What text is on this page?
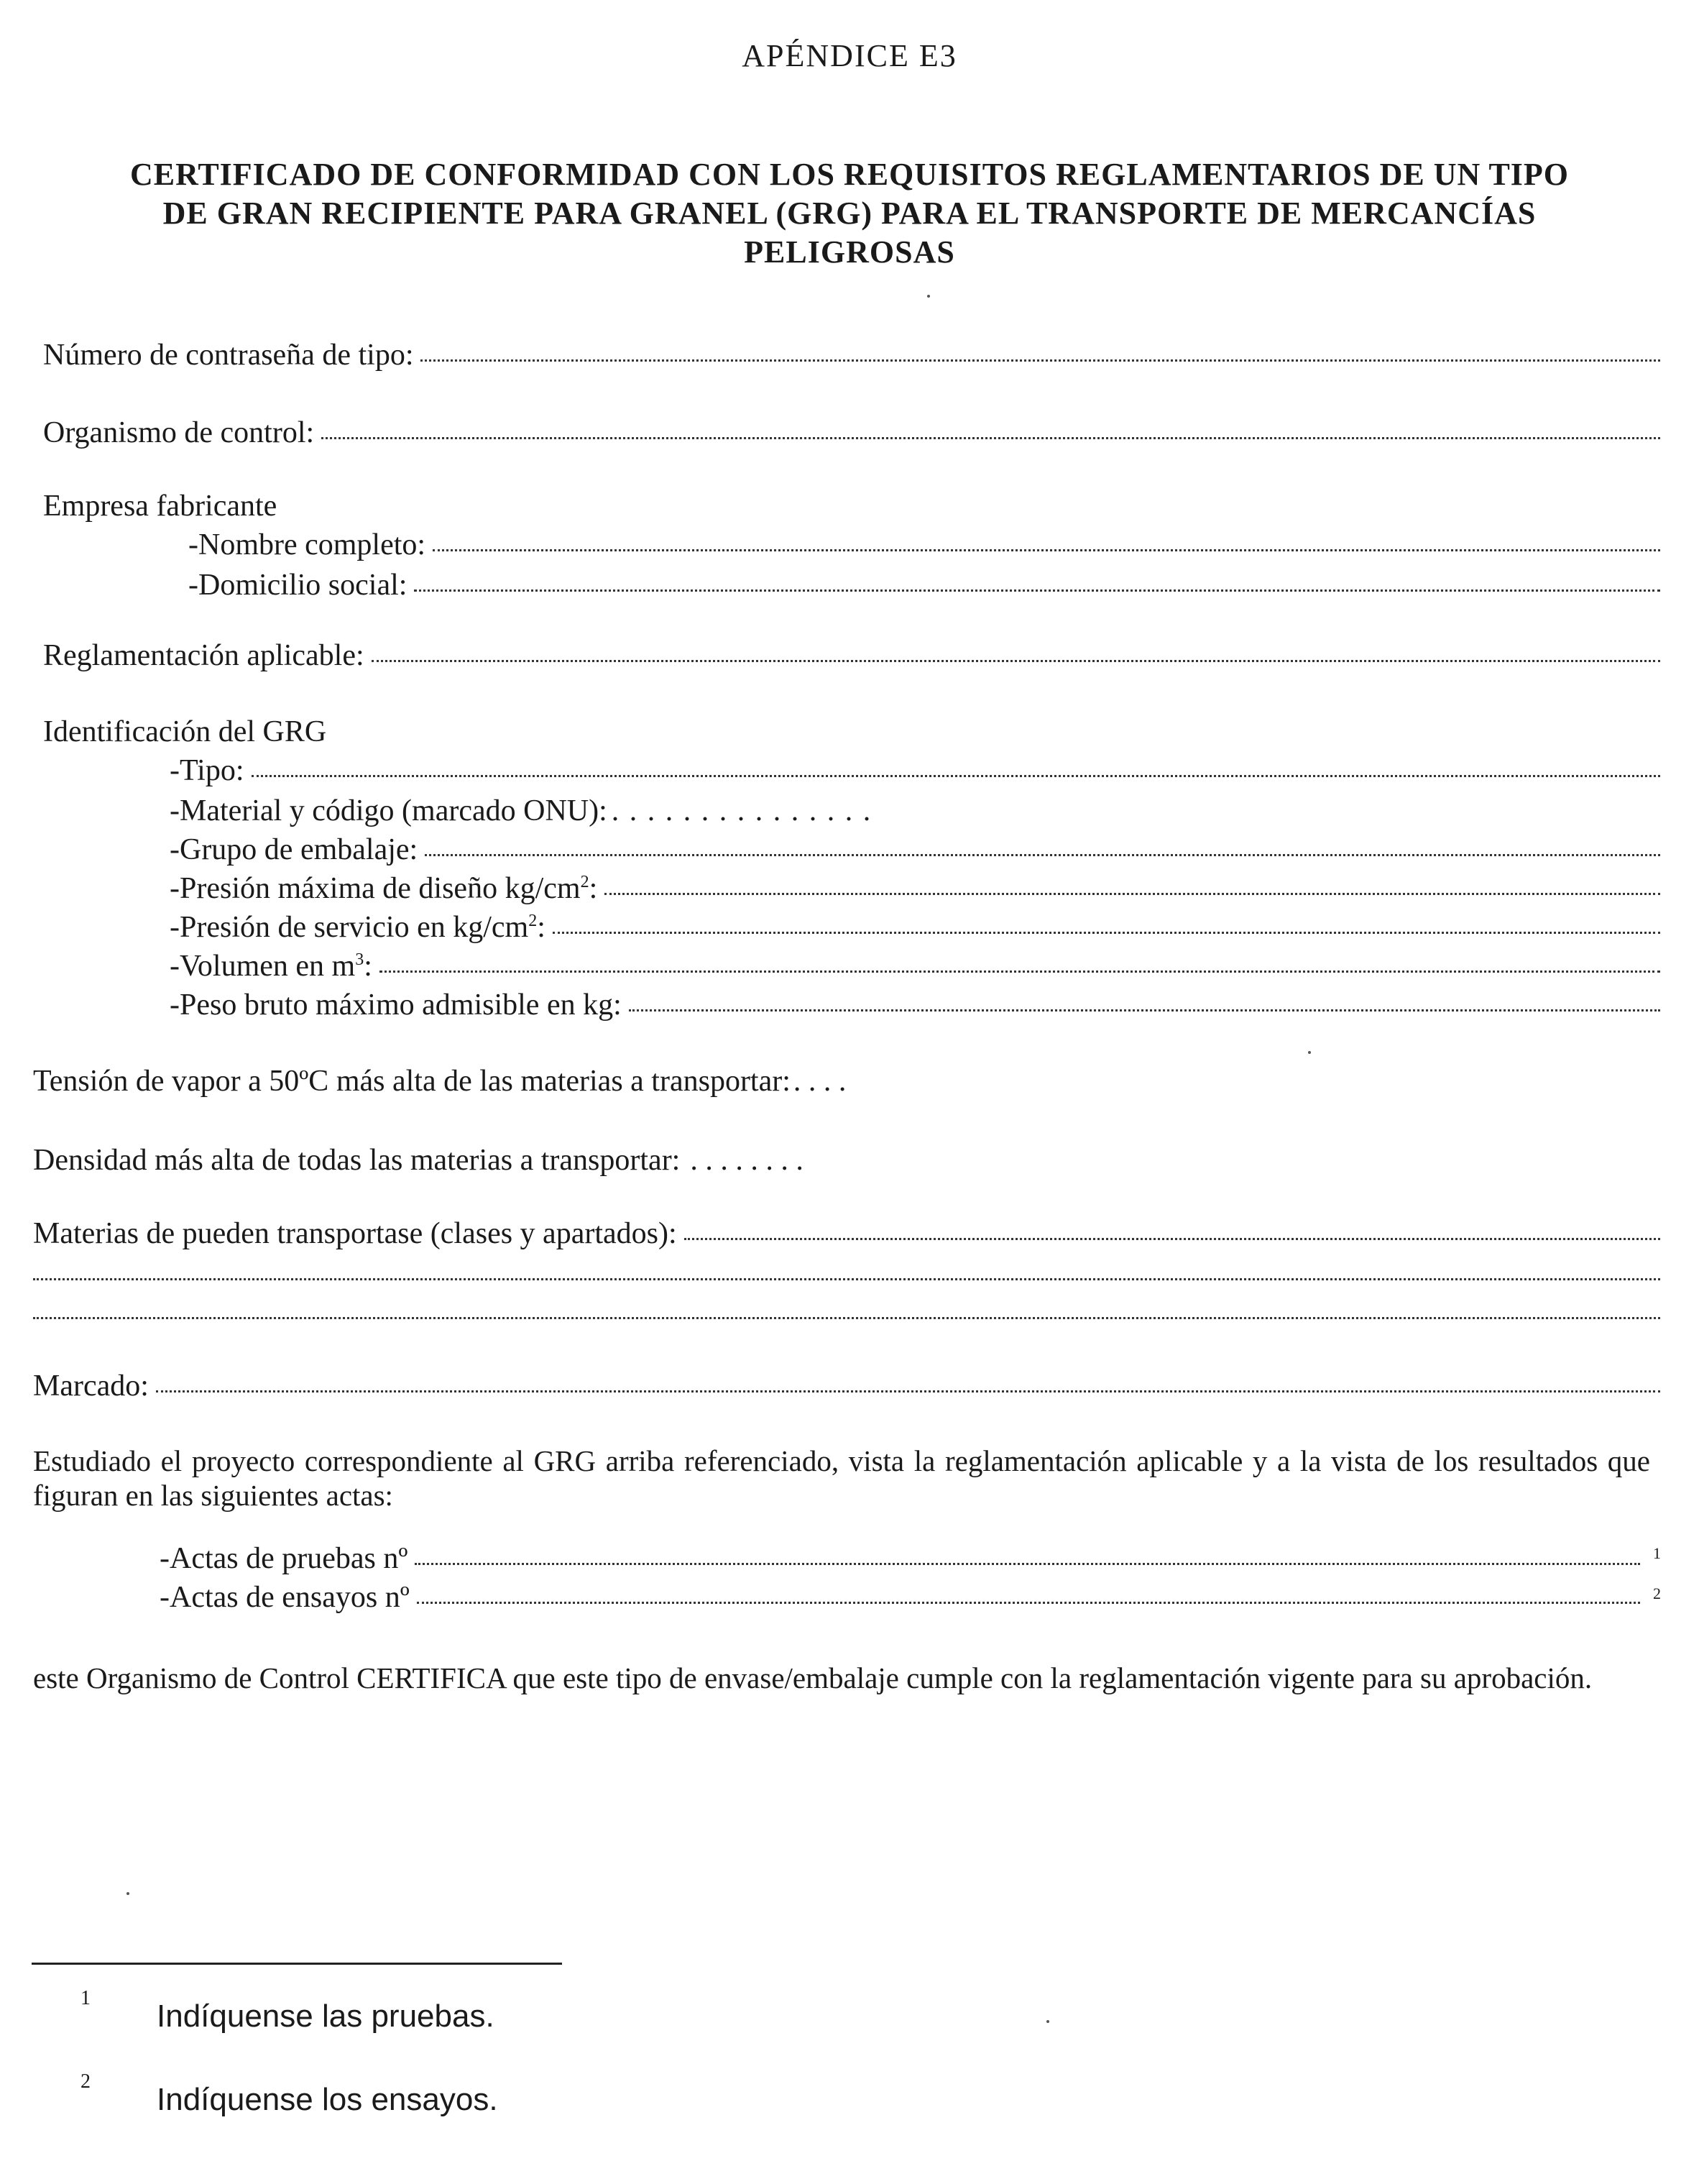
APÉNDICE E3
CERTIFICADO DE CONFORMIDAD CON LOS REQUISITOS REGLAMENTARIOS DE UN TIPO
DE GRAN RECIPIENTE PARA GRANEL (GRG) PARA EL TRANSPORTE DE MERCANCÍAS
PELIGROSAS
Número de contraseña de tipo:
Organismo de control:
Empresa fabricante
-Nombre completo:
-Domicilio social:
Reglamentación aplicable:
Identificación del GRG
-Tipo:
-Material y código (marcado ONU): . . . . . . . . . . . . . . .
-Grupo de embalaje:
-Presión máxima de diseño $kg/cm^2$:
-Presión de servicio en $kg/cm^2$:
-Volumen en $m^3$:
-Peso bruto máximo admisible en kg:
Tensión de vapor a 50ºC más alta de las materias a transportar: . . . .
Densidad más alta de todas las materias a transportar: . . . . . . . .
Materias de pueden transportase (clases y apartados):
Marcado:
Estudiado el proyecto correspondiente al GRG arriba referenciado, vista la reglamentación aplicable y a la vista de los resultados que figuran en las siguientes actas:
-Actas de pruebas nº	1
-Actas de ensayos nº	2
este Organismo de Control CERTIFICA que este tipo de envase/embalaje cumple con la reglamentación vigente para su aprobación.
1
Indíquense las pruebas.
2
Indíquense los ensayos.
